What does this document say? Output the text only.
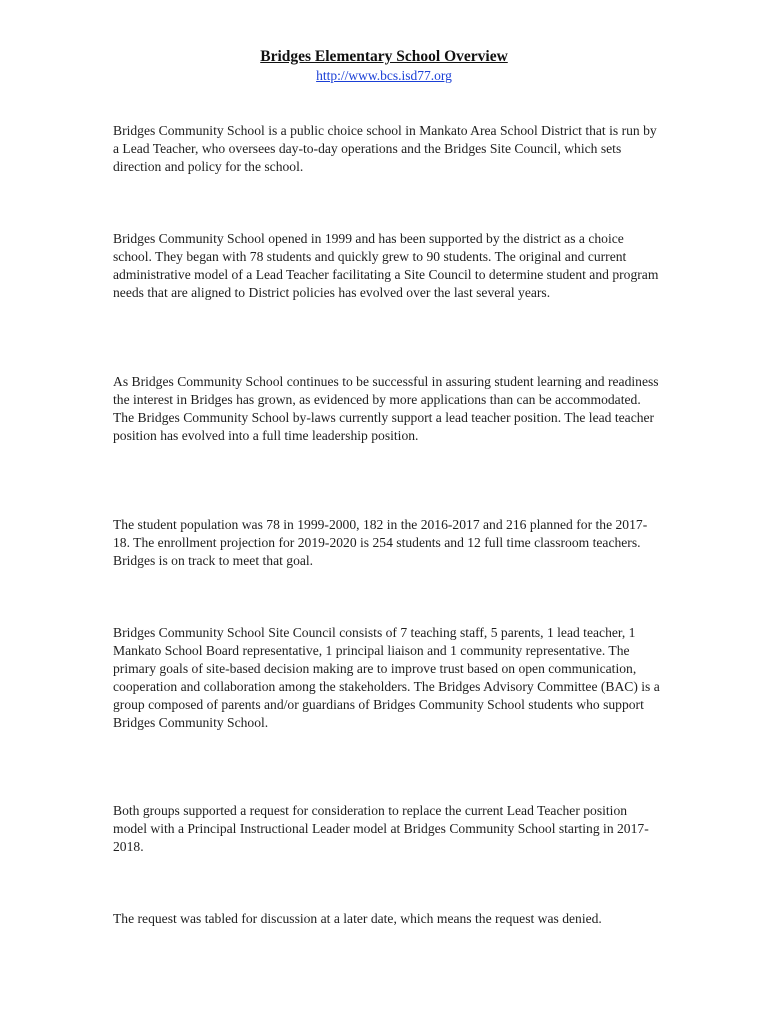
Bridges Elementary School Overview
http://www.bcs.isd77.org

Bridges Community School is a public choice school in Mankato Area School District that is run by a Lead Teacher, who oversees day-to-day operations and the Bridges Site Council, which sets direction and policy for the school.

Bridges Community School opened in 1999 and has been supported by the district as a choice school. They began with 78 students and quickly grew to 90 students. The original and current administrative model of a Lead Teacher facilitating a Site Council to determine student and program needs that are aligned to District policies has evolved over the last several years.

As Bridges Community School continues to be successful in assuring student learning and readiness the interest in Bridges has grown, as evidenced by more applications than can be accommodated. The Bridges Community School by-laws currently support a lead teacher position. The lead teacher position has evolved into a full time leadership position.

The student population was 78 in 1999-2000, 182 in the 2016-2017 and 216 planned for the 2017-18. The enrollment projection for 2019-2020 is 254 students and 12 full time classroom teachers. Bridges is on track to meet that goal.

Bridges Community School Site Council consists of 7 teaching staff, 5 parents, 1 lead teacher, 1 Mankato School Board representative, 1 principal liaison and 1 community representative. The primary goals of site-based decision making are to improve trust based on open communication, cooperation and collaboration among the stakeholders. The Bridges Advisory Committee (BAC) is a group composed of parents and/or guardians of Bridges Community School students who support Bridges Community School.

Both groups supported a request for consideration to replace the current Lead Teacher position model with a Principal Instructional Leader model at Bridges Community School starting in 2017-2018.

The request was tabled for discussion at a later date, which means the request was denied.
